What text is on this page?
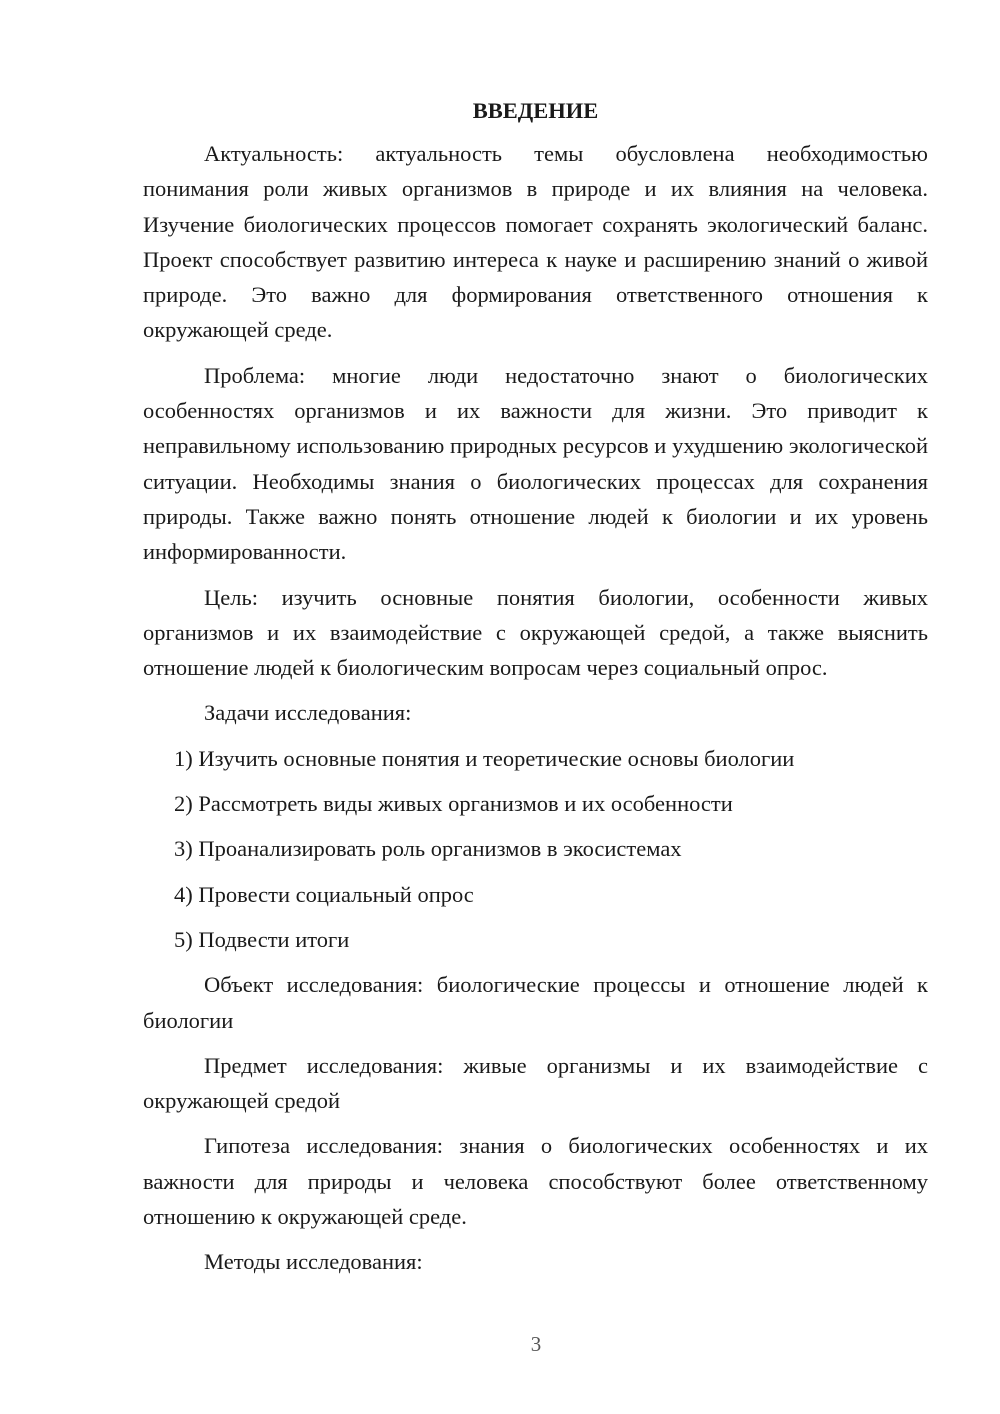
ВВЕДЕНИЕ

Актуальность: актуальность темы обусловлена необходимостью понимания роли живых организмов в природе и их влияния на человека. Изучение биологических процессов помогает сохранять экологический баланс. Проект способствует развитию интереса к науке и расширению знаний о живой природе. Это важно для формирования ответственного отношения к окружающей среде.

Проблема: многие люди недостаточно знают о биологических особенностях организмов и их важности для жизни. Это приводит к неправильному использованию природных ресурсов и ухудшению экологической ситуации. Необходимы знания о биологических процессах для сохранения природы. Также важно понять отношение людей к биологии и их уровень информированности.

Цель: изучить основные понятия биологии, особенности живых организмов и их взаимодействие с окружающей средой, а также выяснить отношение людей к биологическим вопросам через социальный опрос.

Задачи исследования:

1) Изучить основные понятия и теоретические основы биологии

2) Рассмотреть виды живых организмов и их особенности

3) Проанализировать роль организмов в экосистемах

4) Провести социальный опрос

5) Подвести итоги

Объект исследования: биологические процессы и отношение людей к биологии

Предмет исследования: живые организмы и их взаимодействие с окружающей средой

Гипотеза исследования: знания о биологических особенностях и их важности для природы и человека способствуют более ответственному отношению к окружающей среде.

Методы исследования:

3
